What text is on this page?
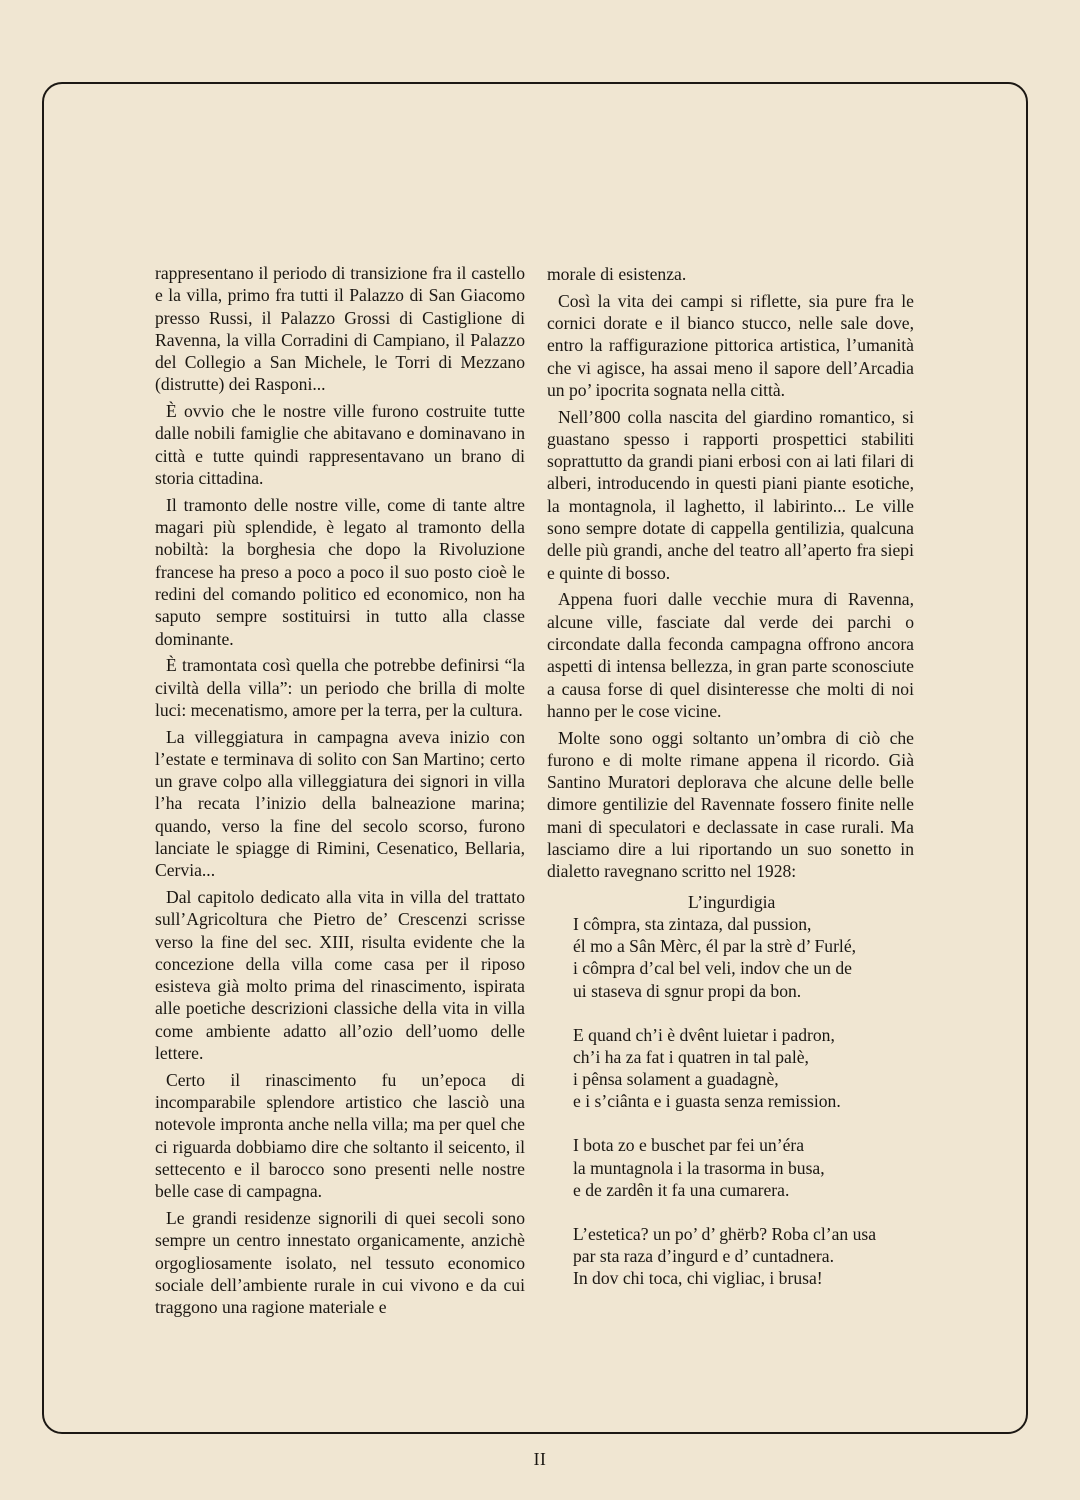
rappresentano il periodo di transizione fra il castello e la villa, primo fra tutti il Palazzo di San Giacomo presso Russi, il Palazzo Grossi di Castiglione di Ravenna, la villa Corradini di Campiano, il Palazzo del Collegio a San Michele, le Torri di Mezzano (distrutte) dei Rasponi...

È ovvio che le nostre ville furono costruite tutte dalle nobili famiglie che abitavano e dominavano in città e tutte quindi rappresentavano un brano di storia cittadina.

Il tramonto delle nostre ville, come di tante altre magari più splendide, è legato al tramonto della nobiltà: la borghesia che dopo la Rivoluzione francese ha preso a poco a poco il suo posto cioè le redini del comando politico ed economico, non ha saputo sempre sostituirsi in tutto alla classe dominante.

È tramontata così quella che potrebbe definirsi “la civiltà della villa”: un periodo che brilla di molte luci: mecenatismo, amore per la terra, per la cultura.

La villeggiatura in campagna aveva inizio con l’estate e terminava di solito con San Martino; certo un grave colpo alla villeggiatura dei signori in villa l’ha recata l’inizio della balneazione marina; quando, verso la fine del secolo scorso, furono lanciate le spiagge di Rimini, Cesenatico, Bellaria, Cervia...

Dal capitolo dedicato alla vita in villa del trattato sull’Agricoltura che Pietro de’ Crescenzi scrisse verso la fine del sec. XIII, risulta evidente che la concezione della villa come casa per il riposo esisteva già molto prima del rinascimento, ispirata alle poetiche descrizioni classiche della vita in villa come ambiente adatto all’ozio dell’uomo delle lettere.

Certo il rinascimento fu un’epoca di incomparabile splendore artistico che lasciò una notevole impronta anche nella villa; ma per quel che ci riguarda dobbiamo dire che soltanto il seicento, il settecento e il barocco sono presenti nelle nostre belle case di campagna.

Le grandi residenze signorili di quei secoli sono sempre un centro innestato organicamente, anzichè orgogliosamente isolato, nel tessuto economico sociale dell’ambiente rurale in cui vivono e da cui traggono una ragione materiale e

morale di esistenza.

Così la vita dei campi si riflette, sia pure fra le cornici dorate e il bianco stucco, nelle sale dove, entro la raffigurazione pittorica artistica, l’umanità che vi agisce, ha assai meno il sapore dell’Arcadia un po’ ipocrita sognata nella città.

Nell’800 colla nascita del giardino romantico, si guastano spesso i rapporti prospettici stabiliti soprattutto da grandi piani erbosi con ai lati filari di alberi, introducendo in questi piani piante esotiche, la montagnola, il laghetto, il labirinto... Le ville sono sempre dotate di cappella gentilizia, qualcuna delle più grandi, anche del teatro all’aperto fra siepi e quinte di bosso.

Appena fuori dalle vecchie mura di Ravenna, alcune ville, fasciate dal verde dei parchi o circondate dalla feconda campagna offrono ancora aspetti di intensa bellezza, in gran parte sconosciute a causa forse di quel disinteresse che molti di noi hanno per le cose vicine.

Molte sono oggi soltanto un’ombra di ciò che furono e di molte rimane appena il ricordo. Già Santino Muratori deplorava che alcune delle belle dimore gentilizie del Ravennate fossero finite nelle mani di speculatori e declassate in case rurali. Ma lasciamo dire a lui riportando un suo sonetto in dialetto ravegnano scritto nel 1928:

L’ingurdigia
I cômpra, sta zintaza, dal pussion,
él mo a Sân Mèrc, él par la strè d’ Furlé,
i cômpra d’cal bel veli, indov che un de
ui staseva di sgnur propi da bon.
E quand ch’i è dvênt luietar i padron,
ch’i ha za fat i quatren in tal palè,
i pênsa solament a guadagnè,
e i s’ciânta e i guasta senza remission.
I bota zo e buschet par fei un’éra
la muntagnola i la trasorma in busa,
e de zardên it fa una cumarera.
L’estetica? un po’ d’ ghërb? Roba cl’an usa
par sta raza d’ingurd e d’ cuntadnera.
In dov chi toca, chi vigliac, i brusa!
II
